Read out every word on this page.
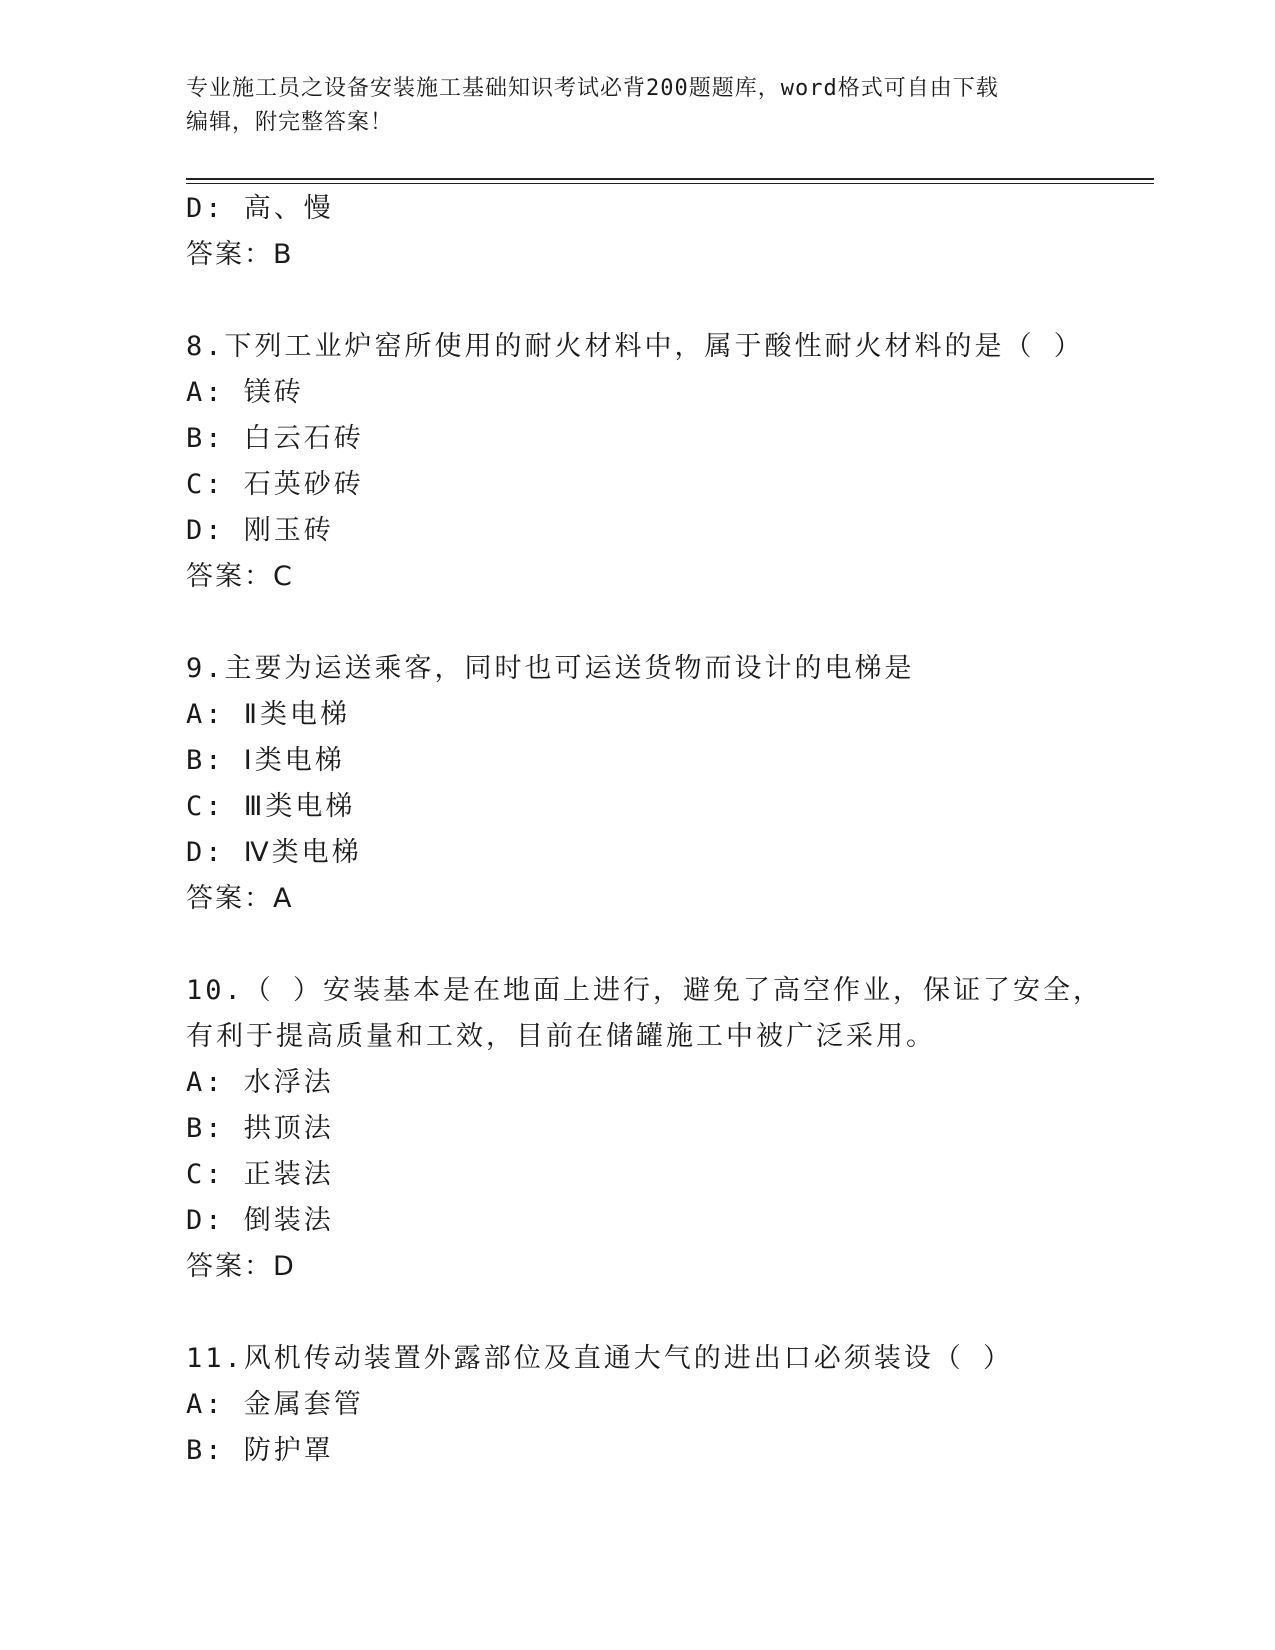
专业施工员之设备安装施工基础知识考试必背200题题库，word格式可自由下载
编辑，附完整答案！
D: 高、慢
答案：B
8.下列工业炉窑所使用的耐火材料中，属于酸性耐火材料的是（ ）
A: 镁砖
B: 白云石砖
C: 石英砂砖
D: 刚玉砖
答案：C
9.主要为运送乘客，同时也可运送货物而设计的电梯是
A: Ⅱ类电梯
B: Ⅰ类电梯
C: Ⅲ类电梯
D: Ⅳ类电梯
答案：A
10.（ ）安装基本是在地面上进行，避免了高空作业，保证了安全，
有利于提高质量和工效，目前在储罐施工中被广泛采用。
A: 水浮法
B: 拱顶法
C: 正装法
D: 倒装法
答案：D
11.风机传动装置外露部位及直通大气的进出口必须装设（ ）
A: 金属套管
B: 防护罩
